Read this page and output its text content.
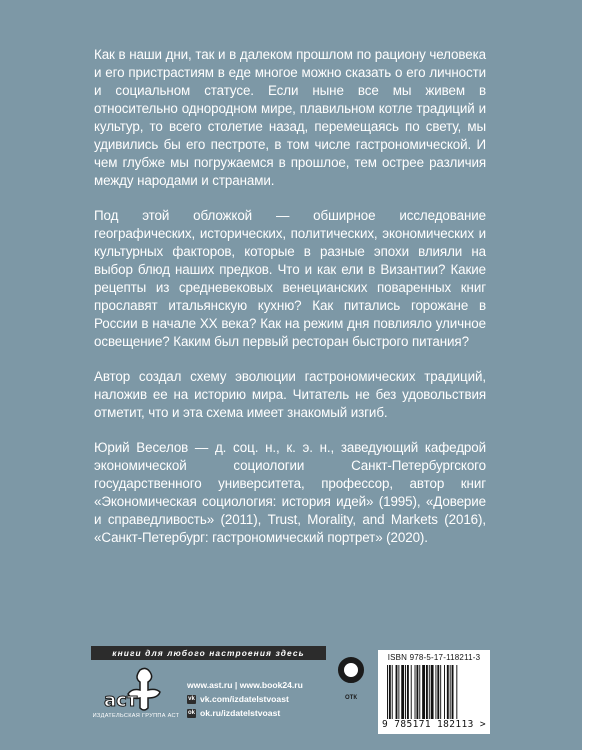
Как в наши дни, так и в далеком прошлом по рациону человека и его пристрастиям в еде многое можно сказать о его личности и социальном статусе. Если ныне все мы живем в относительно однородном мире, плавильном котле традиций и культур, то всего столетие назад, перемещаясь по свету, мы удивились бы его пестроте, в том числе гастрономической. И чем глубже мы погружаемся в прошлое, тем острее различия между народами и странами.

Под этой обложкой — обширное исследование географических, исторических, политических, экономических и культурных факторов, которые в разные эпохи влияли на выбор блюд наших предков. Что и как ели в Византии? Какие рецепты из средневековых венецианских поваренных книг прославят итальянскую кухню? Как питались горожане в России в начале ХХ века? Как на режим дня повлияло уличное освещение? Каким был первый ресторан быстрого питания?

Автор создал схему эволюции гастрономических традиций, наложив ее на историю мира. Читатель не без удовольствия отметит, что и эта схема имеет знакомый изгиб.

Юрий Веселов — д. соц. н., к. э. н., заведующий кафедрой экономической социологии Санкт-Петербургского государственного университета, профессор, автор книг «Экономическая социология: история идей» (1995), «Доверие и справедливость» (2011), Trust, Morality, and Markets (2016), «Санкт-Петербург: гастрономический портрет» (2020).

книги для любого настроения здесь
аст
ИЗДАТЕЛЬСКАЯ ГРУППА АСТ
www.ast.ru | www.book24.ru
vk vk.com/izdatelstvoast
ok ok.ru/izdatelstvoast
ОТК
ISBN 978-5-17-118211-3
9 785171 182113 >
